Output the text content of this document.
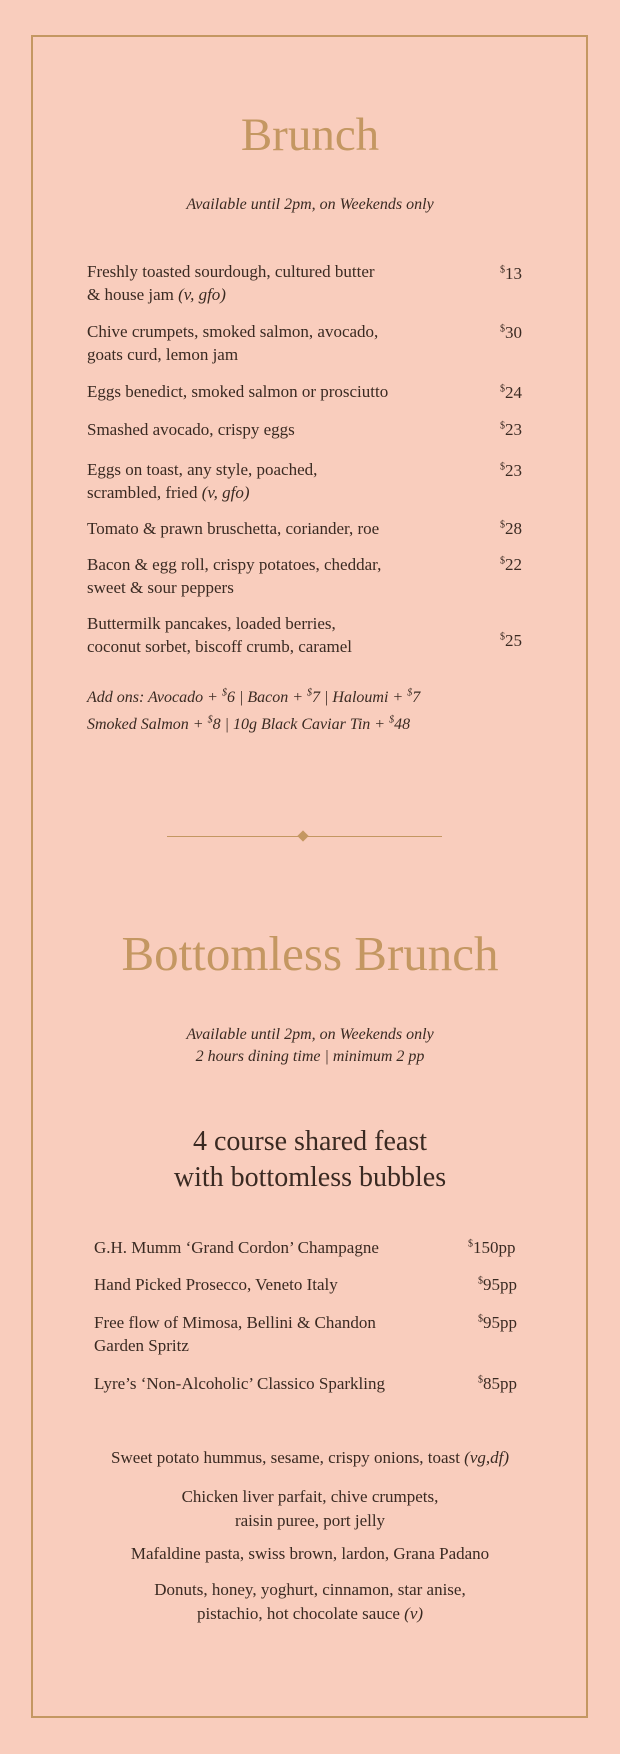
Brunch
Available until 2pm, on Weekends only
Freshly toasted sourdough, cultured butter
& house jam (v, gfo)
$13
Chive crumpets, smoked salmon, avocado,
goats curd, lemon jam
$30
Eggs benedict, smoked salmon or prosciutto	$24
Smashed avocado, crispy eggs	$23
Eggs on toast, any style, poached,
scrambled, fried (v, gfo)
$23
Tomato & prawn bruschetta, coriander, roe	$28
Bacon & egg roll, crispy potatoes, cheddar,
sweet & sour peppers
$22
Buttermilk pancakes, loaded berries,
coconut sorbet, biscoff crumb, caramel
$25
Add ons: Avocado + $6 | Bacon + $7 | Haloumi + $7
Smoked Salmon + $8 | 10g Black Caviar Tin + $48
Bottomless Brunch
Available until 2pm, on Weekends only
2 hours dining time | minimum 2 pp
4 course shared feast
with bottomless bubbles
G.H. Mumm ‘Grand Cordon’ Champagne	$150pp
Hand Picked Prosecco, Veneto Italy	$95pp
Free flow of Mimosa, Bellini & Chandon
Garden Spritz
$95pp
Lyre’s ‘Non-Alcoholic’ Classico Sparkling	$85pp
Sweet potato hummus, sesame, crispy onions, toast (vg,df)
Chicken liver parfait, chive crumpets,
raisin puree, port jelly
Mafaldine pasta, swiss brown, lardon, Grana Padano
Donuts, honey, yoghurt, cinnamon, star anise,
pistachio, hot chocolate sauce (v)
